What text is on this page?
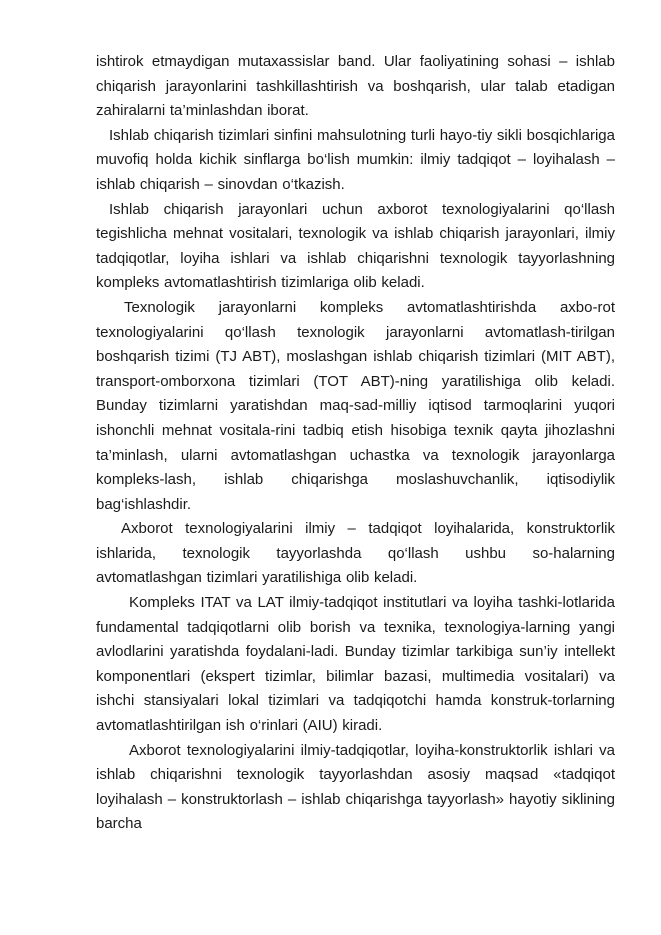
ishtirok etmaydigan mutaxassislar band. Ular faoliyatining sohasi – ishlab chiqarish jarayonlarini tashkillashtirish va boshqarish, ular talab etadigan zahiralarni ta’minlashdan iborat.

Ishlab chiqarish tizimlari sinfini mahsulotning turli hayo-tiy sikli bosqichlariga muvofiq holda kichik sinflarga bo‘lish mumkin: ilmiy tadqiqot – loyihalash – ishlab chiqarish – sinovdan o‘tkazish.

Ishlab chiqarish jarayonlari uchun axborot texnologiyalarini qo‘llash tegishlicha mehnat vositalari, texnologik va ishlab chiqarish jarayonlari, ilmiy tadqiqotlar, loyiha ishlari va ishlab chiqarishni texnologik tayyorlashning kompleks avtomatlashtirish tizimlariga olib keladi.

Texnologik jarayonlarni kompleks avtomatlashtirishda axbo-rot texnologiyalarini qo‘llash texnologik jarayonlarni avtomatlash-tirilgan boshqarish tizimi (TJ ABT), moslashgan ishlab chiqarish tizimlari (MIT ABT), transport-omborxona tizimlari (TOT ABT)-ning yaratilishiga olib keladi. Bunday tizimlarni yaratishdan maq-sad-milliy iqtisod tarmoqlarini yuqori ishonchli mehnat vositala-rini tadbiq etish hisobiga texnik qayta jihozlashni ta’minlash, ularni avtomatlashgan uchastka va texnologik jarayonlarga kompleks-lash, ishlab chiqarishga moslashuvchanlik, iqtisodiylik bag‘ishlashdir.

Axborot texnologiyalarini ilmiy – tadqiqot loyihalarida, konstruktorlik ishlarida, texnologik tayyorlashda qo‘llash ushbu so-halarning avtomatlashgan tizimlari yaratilishiga olib keladi.

Kompleks ITAT va LAT ilmiy-tadqiqot institutlari va loyiha tashki-lotlarida fundamental tadqiqotlarni olib borish va texnika, texnologiya-larning yangi avlodlarini yaratishda foydalani-ladi. Bunday tizimlar tarkibiga sun’iy intellekt komponentlari (ekspert tizimlar, bilimlar bazasi, multimedia vositalari) va ishchi stansiyalari lokal tizimlari va tadqiqotchi hamda konstruk-torlarning avtomatlashtirilgan ish o‘rinlari (AIU) kiradi.

Axborot texnologiyalarini ilmiy-tadqiqotlar, loyiha-konstruktorlik ishlari va ishlab chiqarishni texnologik tayyorlashdan asosiy maqsad «tadqiqot loyihalash – konstruktorlash – ishlab chiqarishga tayyorlash» hayotiy siklining barcha
